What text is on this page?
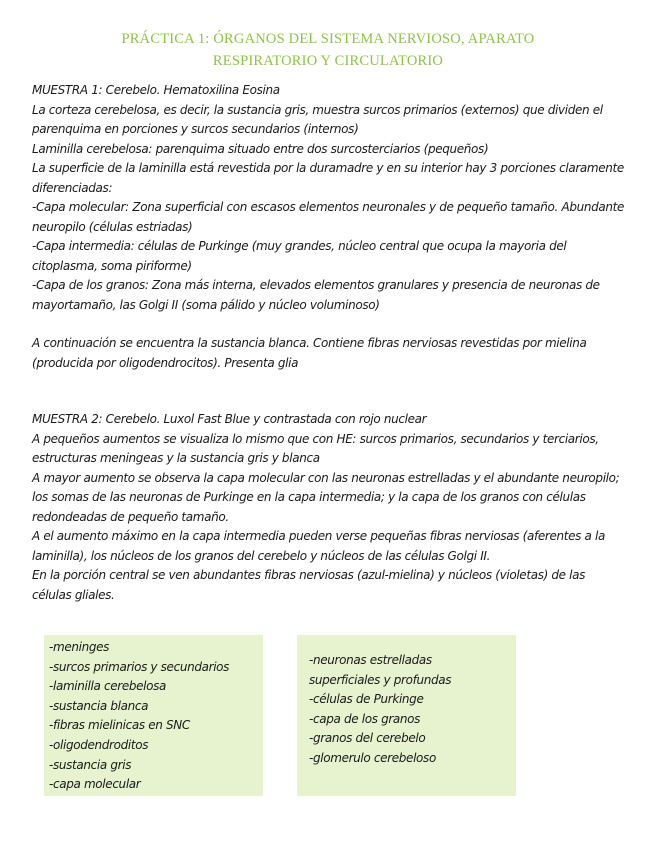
PRÁCTICA 1: ÓRGANOS DEL SISTEMA NERVIOSO, APARATO
RESPIRATORIO Y CIRCULATORIO

MUESTRA 1: Cerebelo. Hematoxilina Eosina

La corteza cerebelosa, es decir, la sustancia gris, muestra surcos primarios (externos) que dividen el parenquima en porciones y surcos secundarios (internos)

Laminilla cerebelosa: parenquima situado entre dos surcosterciarios (pequeños)

La superficie de la laminilla está revestida por la duramadre y en su interior hay 3 porciones claramente diferenciadas:

-Capa molecular: Zona superficial con escasos elementos neuronales y de pequeño tamaño. Abundante neuropilo (células estriadas)

-Capa intermedia: células de Purkinge (muy grandes, núcleo central que ocupa la mayoria del citoplasma, soma piriforme)

-Capa de los granos: Zona más interna, elevados elementos granulares y presencia de neuronas de mayortamaño, las Golgi II (soma pálido y núcleo voluminoso)

A continuación se encuentra la sustancia blanca. Contiene fibras nerviosas revestidas por mielina (producida por oligodendrocitos). Presenta glia

MUESTRA 2: Cerebelo. Luxol Fast Blue y contrastada con rojo nuclear

A pequeños aumentos se visualiza lo mismo que con HE: surcos primarios, secundarios y terciarios, estructuras meningeas y la sustancia gris y blanca

A mayor aumento se observa la capa molecular con las neuronas estrelladas y el abundante neuropilo; los somas de las neuronas de Purkinge en la capa intermedia; y la capa de los granos con células redondeadas de pequeño tamaño.

A el aumento máximo en la capa intermedia pueden verse pequeñas fibras nerviosas (aferentes a la laminilla), los núcleos de los granos del cerebelo y núcleos de las células Golgi II.

En la porción central se ven abundantes fibras nerviosas (azul-mielina) y núcleos (violetas) de las células gliales.

-meninges
-surcos primarios y secundarios
-laminilla cerebelosa
-sustancia blanca
-fibras mielinicas en SNC
-oligodendroditos
-sustancia gris
-capa molecular
-neuronas estrelladas
superficiales y profundas
-células de Purkinge
-capa de los granos
-granos del cerebelo
-glomerulo cerebeloso
